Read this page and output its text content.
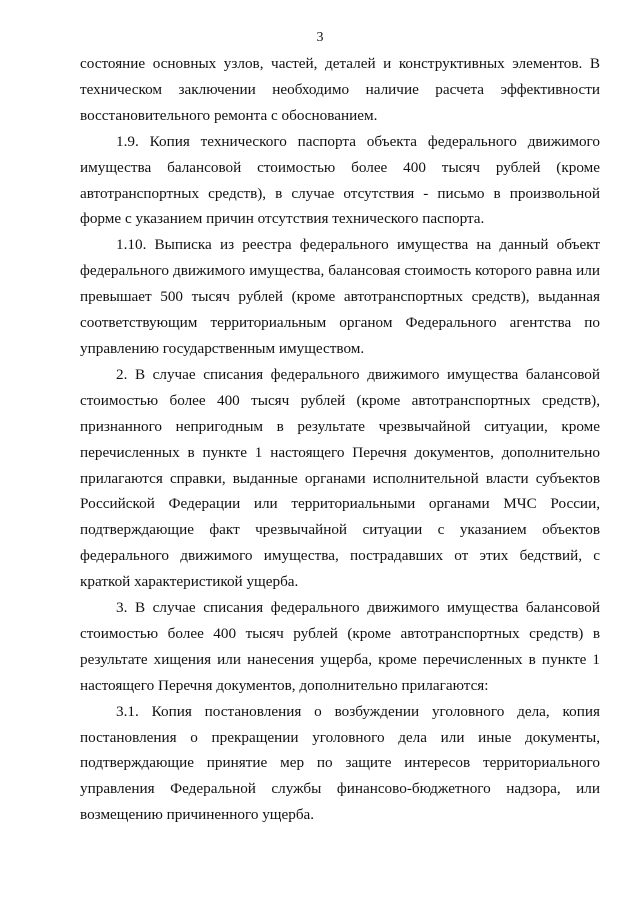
3

состояние основных узлов, частей, деталей и конструктивных элементов. В техническом заключении необходимо наличие расчета эффективности восстановительного ремонта с обоснованием.

1.9. Копия технического паспорта объекта федерального движимого имущества балансовой стоимостью более 400 тысяч рублей (кроме автотранспортных средств), в случае отсутствия - письмо в произвольной форме с указанием причин отсутствия технического паспорта.

1.10. Выписка из реестра федерального имущества на данный объект федерального движимого имущества, балансовая стоимость которого равна или превышает 500 тысяч рублей (кроме автотранспортных средств), выданная соответствующим территориальным органом Федерального агентства по управлению государственным имуществом.

2. В случае списания федерального движимого имущества балансовой стоимостью более 400 тысяч рублей (кроме автотранспортных средств), признанного непригодным в результате чрезвычайной ситуации, кроме перечисленных в пункте 1 настоящего Перечня документов, дополнительно прилагаются справки, выданные органами исполнительной власти субъектов Российской Федерации или территориальными органами МЧС России, подтверждающие факт чрезвычайной ситуации с указанием объектов федерального движимого имущества, пострадавших от этих бедствий, с краткой характеристикой ущерба.

3. В случае списания федерального движимого имущества балансовой стоимостью более 400 тысяч рублей (кроме автотранспортных средств) в результате хищения или нанесения ущерба, кроме перечисленных в пункте 1 настоящего Перечня документов, дополнительно прилагаются:

3.1. Копия постановления о возбуждении уголовного дела, копия постановления о прекращении уголовного дела или иные документы, подтверждающие принятие мер по защите интересов территориального управления Федеральной службы финансово-бюджетного надзора, или возмещению причиненного ущерба.
